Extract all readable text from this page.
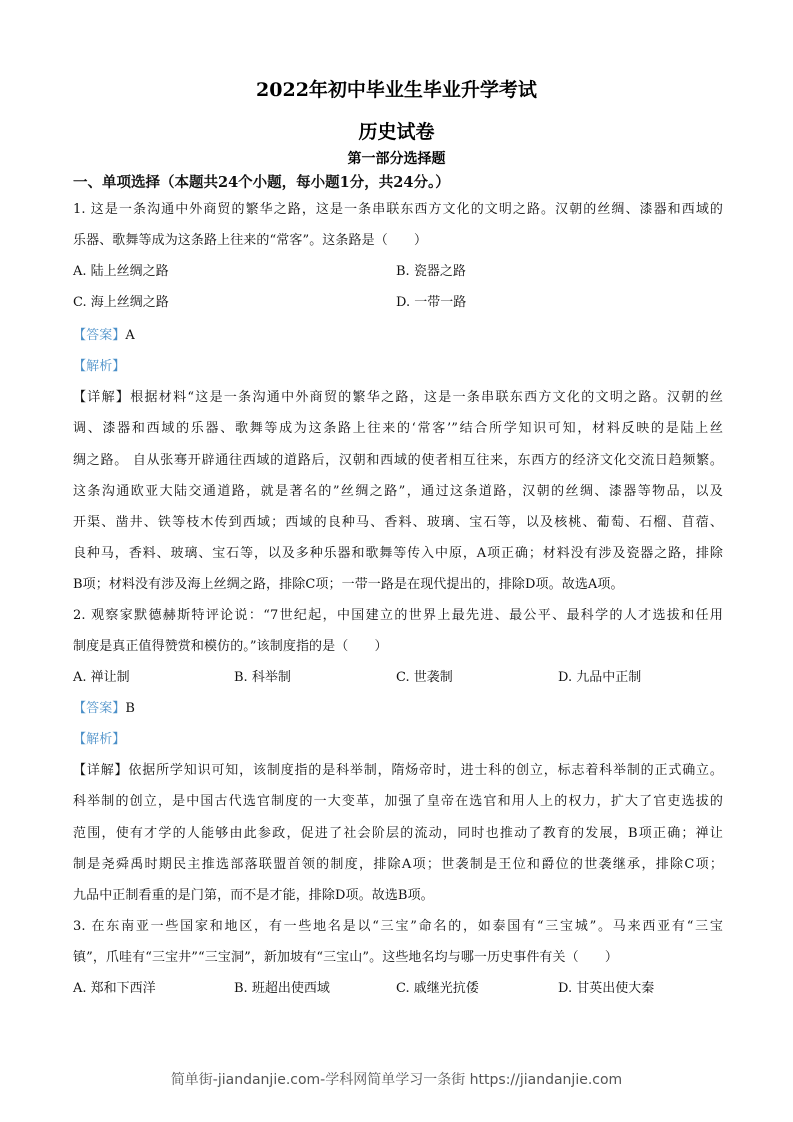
2022年初中毕业生毕业升学考试
历史试卷
第一部分选择题
一、单项选择（本题共24个小题，每小题1分，共24分。）
1. 这是一条沟通中外商贸的繁华之路，这是一条串联东西方文化的文明之路。汉朝的丝绸、漆器和西域的
乐器、歌舞等成为这条路上往来的“常客”。这条路是（　　）
A. 陆上丝绸之路	B. 瓷器之路
C. 海上丝绸之路	D. 一带一路
【答案】A
【解析】
【详解】根据材料“这是一条沟通中外商贸的繁华之路，这是一条串联东西方文化的文明之路。汉朝的丝
调、漆器和西域的乐器、歌舞等成为这条路上往来的‘常客’”结合所学知识可知，材料反映的是陆上丝
绸之路。 自从张骞开辟通往西域的道路后，汉朝和西域的使者相互往来，东西方的经济文化交流日趋频繁。
这条沟通欧亚大陆交通道路，就是著名的”丝绸之路”，通过这条道路，汉朝的丝绸、漆器等物品，以及
开渠、凿井、铁等枝木传到西域；西域的良种马、香料、玻璃、宝石等，以及核桃、葡萄、石榴、苜蓿、
良种马，香料、玻璃、宝石等，以及多种乐器和歌舞等传入中原，A项正确；材料没有涉及瓷器之路，排除
B项；材料没有涉及海上丝绸之路，排除C项；一带一路是在现代提出的，排除D项。故选A项。
2. 观察家默德赫斯特评论说：“7世纪起，中国建立的世界上最先进、最公平、最科学的人才选拔和任用
制度是真正值得赞赏和模仿的。”该制度指的是（　　）
A. 禅让制	B. 科举制	C. 世袭制	D. 九品中正制
【答案】B
【解析】
【详解】依据所学知识可知，该制度指的是科举制，隋炀帝时，进士科的创立，标志着科举制的正式确立。
科举制的创立，是中国古代选官制度的一大变革，加强了皇帝在选官和用人上的权力，扩大了官吏选拔的
范围，使有才学的人能够由此参政，促进了社会阶层的流动，同时也推动了教育的发展，B项正确；禅让
制是尧舜禹时期民主推选部落联盟首领的制度，排除A项；世袭制是王位和爵位的世袭继承，排除C项；
九品中正制看重的是门第，而不是才能，排除D项。故选B项。
3. 在东南亚一些国家和地区，有一些地名是以“三宝”命名的，如泰国有“三宝城”。马来西亚有“三宝
镇”，爪哇有“三宝井”“三宝洞”，新加坡有“三宝山”。这些地名均与哪一历史事件有关（　　）
A. 郑和下西洋	B. 班超出使西域	C. 戚继光抗倭	D. 甘英出使大秦
简单街-jiandanjie.com-学科网简单学习一条街 https://jiandanjie.com
